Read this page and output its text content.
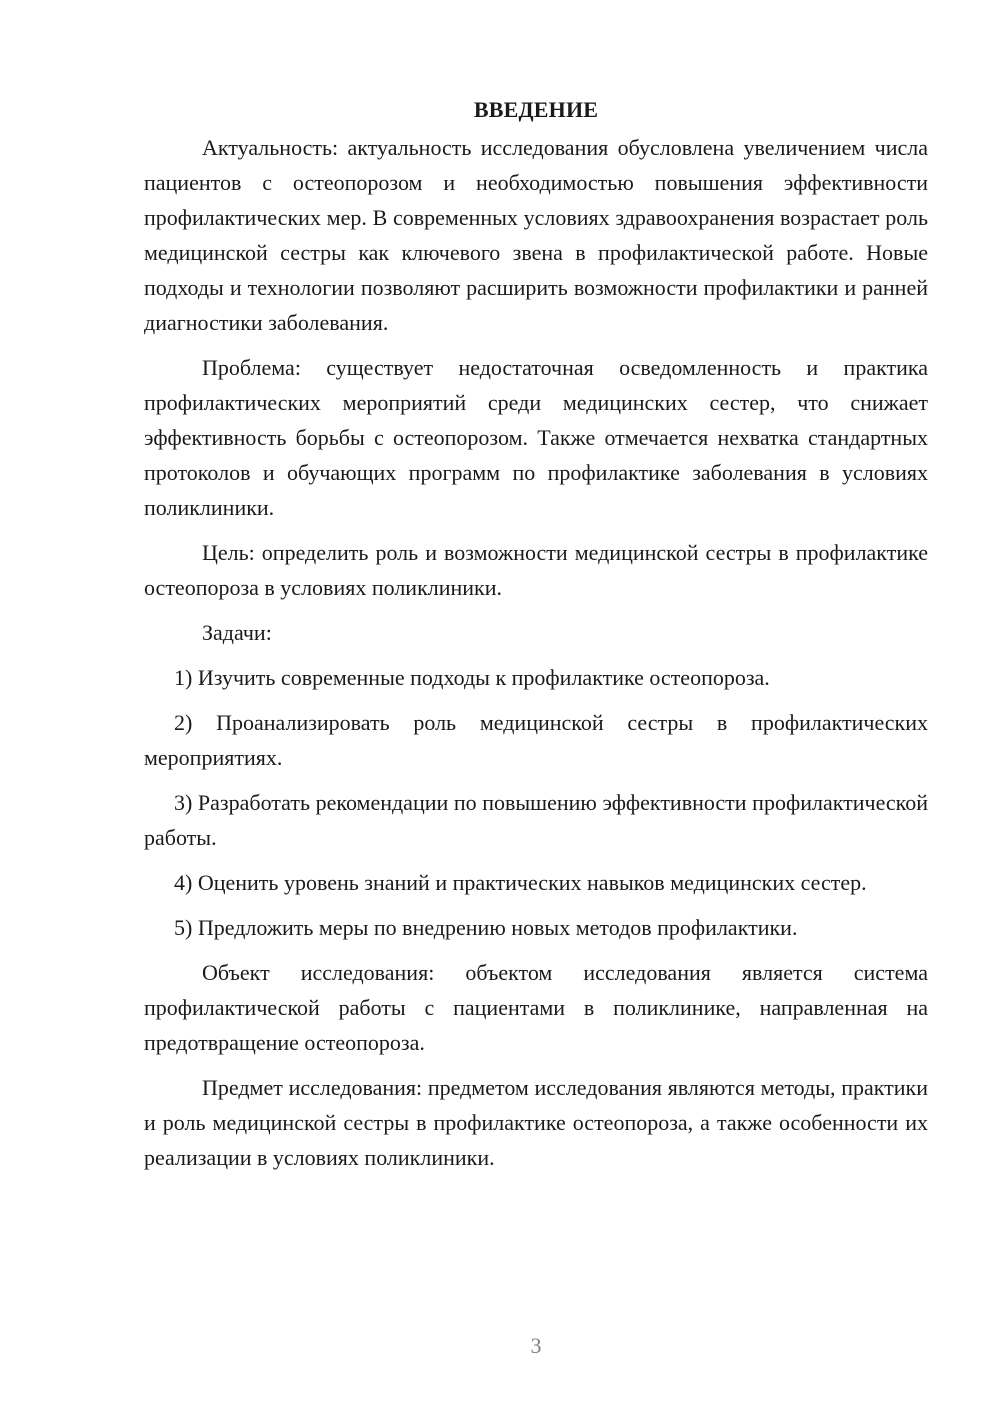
ВВЕДЕНИЕ

Актуальность: актуальность исследования обусловлена увеличением числа пациентов с остеопорозом и необходимостью повышения эффективности профилактических мер. В современных условиях здравоохранения возрастает роль медицинской сестры как ключевого звена в профилактической работе. Новые подходы и технологии позволяют расширить возможности профилактики и ранней диагностики заболевания.

Проблема: существует недостаточная осведомленность и практика профилактических мероприятий среди медицинских сестер, что снижает эффективность борьбы с остеопорозом. Также отмечается нехватка стандартных протоколов и обучающих программ по профилактике заболевания в условиях поликлиники.

Цель: определить роль и возможности медицинской сестры в профилактике остеопороза в условиях поликлиники.

Задачи:

1) Изучить современные подходы к профилактике остеопороза.

2) Проанализировать роль медицинской сестры в профилактических мероприятиях.

3) Разработать рекомендации по повышению эффективности профилактической работы.

4) Оценить уровень знаний и практических навыков медицинских сестер.

5) Предложить меры по внедрению новых методов профилактики.

Объект исследования: объектом исследования является система профилактической работы с пациентами в поликлинике, направленная на предотвращение остеопороза.

Предмет исследования: предметом исследования являются методы, практики и роль медицинской сестры в профилактике остеопороза, а также особенности их реализации в условиях поликлиники.

3
